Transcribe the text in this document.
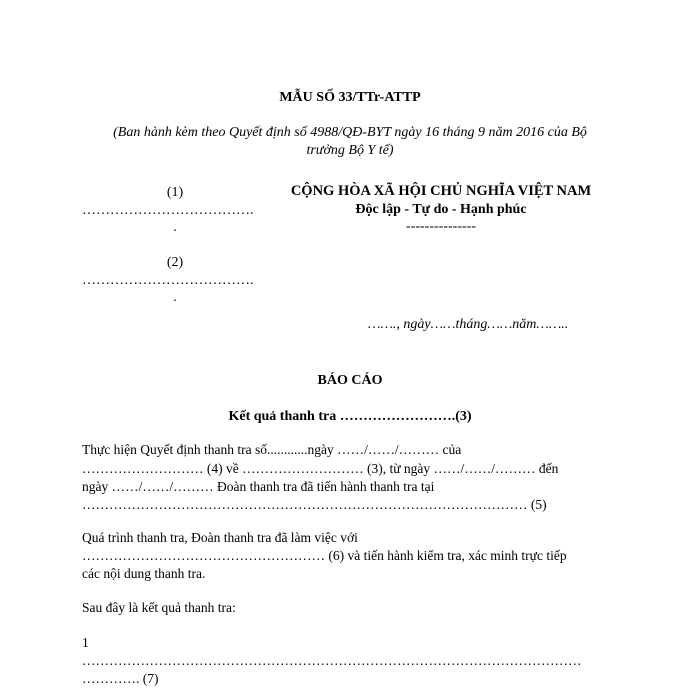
MẪU SỐ 33/TTr-ATTP
(Ban hành kèm theo Quyết định số 4988/QĐ-BYT ngày 16 tháng 9 năm 2016 của Bộ
trưởng Bộ Y tế)
(1)
……………………………….
.
(2)
……………………………….
.
CỘNG HÒA XÃ HỘI CHỦ NGHĨA VIỆT NAM
Độc lập - Tự do - Hạnh phúc
---------------
……., ngày……tháng……năm……..
BÁO CÁO
Kết quả thanh tra …………………….(3)
Thực hiện Quyết định thanh tra số............ngày ……/……/……… của
……………………… (4) về ……………………… (3), từ ngày ……/……/……… đến
ngày ……/……/……… Đoàn thanh tra đã tiến hành thanh tra tại
……………………………………………………………………………………… (5)
Quá trình thanh tra, Đoàn thanh tra đã làm việc với
……………………………………………… (6) và tiến hành kiểm tra, xác minh trực tiếp
các nội dung thanh tra.
Sau đây là kết quả thanh tra:
1
…………………………………………………………………………………………………
…………. (7)
